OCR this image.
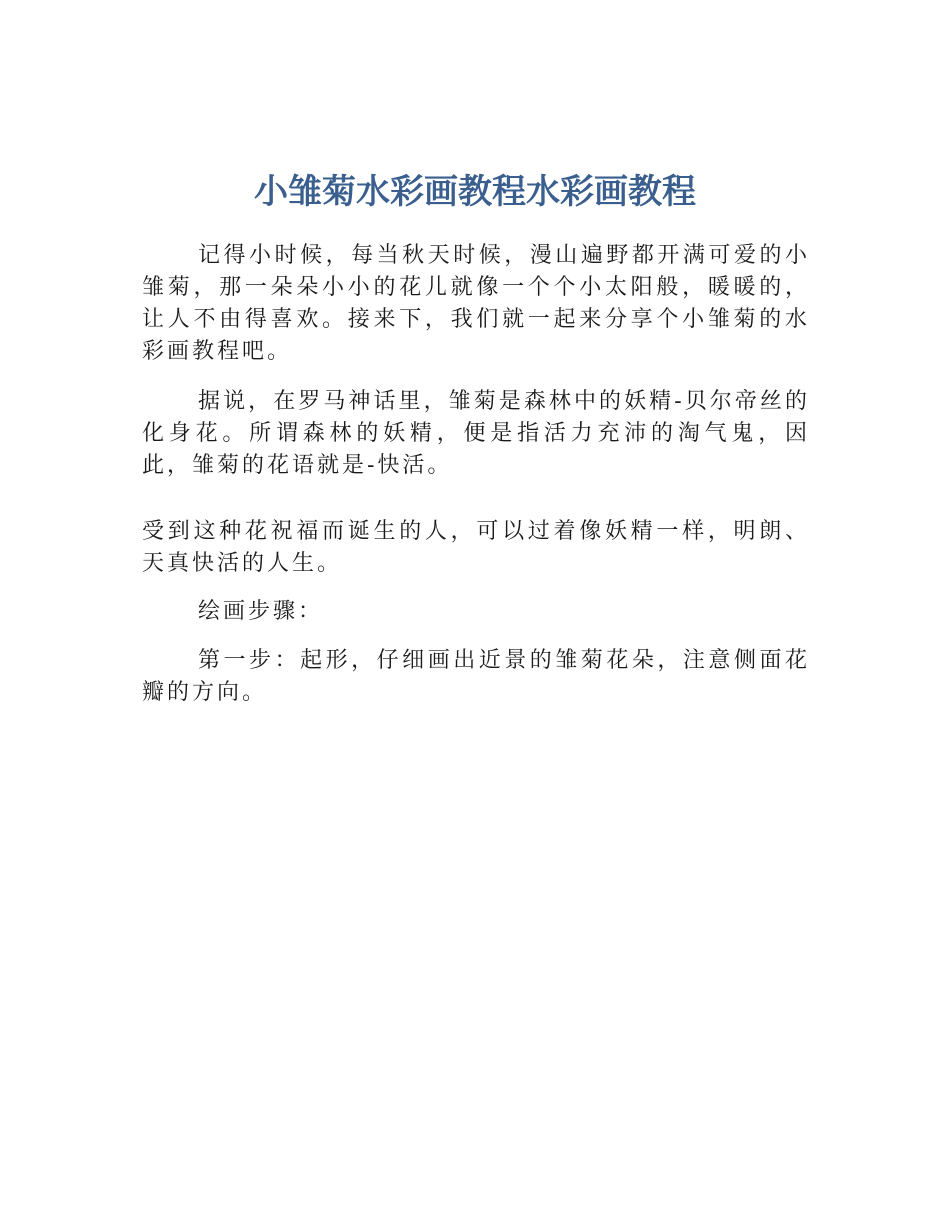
小雏菊水彩画教程水彩画教程

记得小时候，每当秋天时候，漫山遍野都开满可爱的小雏菊，那一朵朵小小的花儿就像一个个小太阳般，暖暖的，让人不由得喜欢。接来下，我们就一起来分享个小雏菊的水彩画教程吧。

据说，在罗马神话里，雏菊是森林中的妖精-贝尔帝丝的化身花。所谓森林的妖精，便是指活力充沛的淘气鬼，因此，雏菊的花语就是-快活。

受到这种花祝福而诞生的人，可以过着像妖精一样，明朗、天真快活的人生。

绘画步骤：

第一步：起形，仔细画出近景的雏菊花朵，注意侧面花瓣的方向。
